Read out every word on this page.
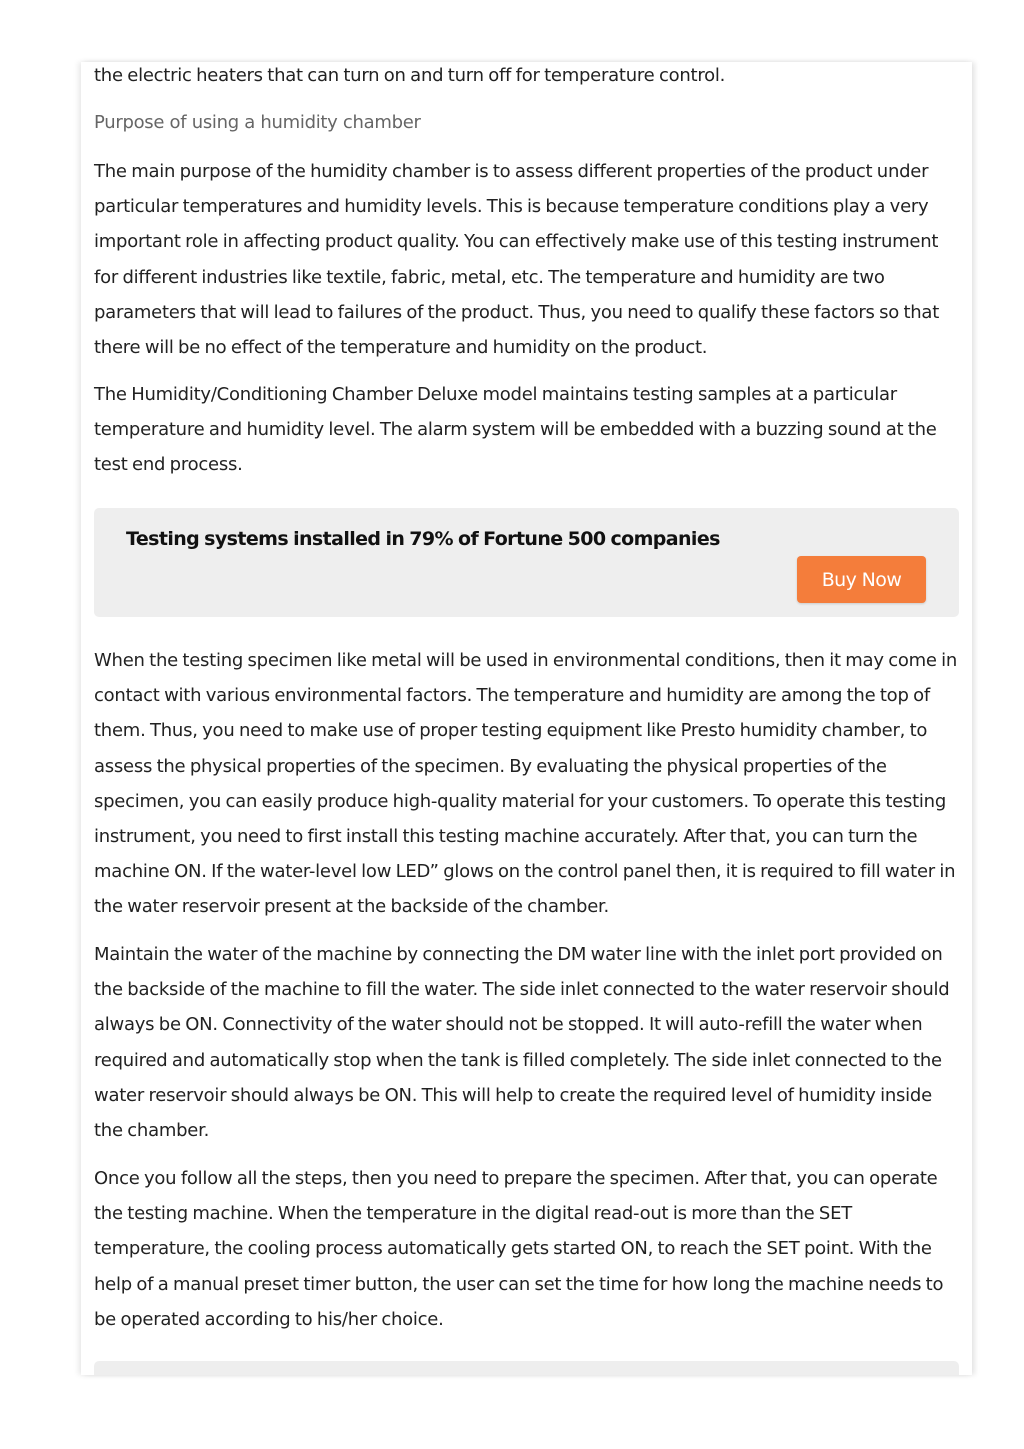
the electric heaters that can turn on and turn off for temperature control.

Purpose of using a humidity chamber

The main purpose of the humidity chamber is to assess different properties of the product under particular temperatures and humidity levels. This is because temperature conditions play a very important role in affecting product quality. You can effectively make use of this testing instrument for different industries like textile, fabric, metal, etc. The temperature and humidity are two parameters that will lead to failures of the product. Thus, you need to qualify these factors so that there will be no effect of the temperature and humidity on the product.

The Humidity/Conditioning Chamber Deluxe model maintains testing samples at a particular temperature and humidity level. The alarm system will be embedded with a buzzing sound at the test end process.

Testing systems installed in 79% of Fortune 500 companies
Buy Now

When the testing specimen like metal will be used in environmental conditions, then it may come in contact with various environmental factors. The temperature and humidity are among the top of them. Thus, you need to make use of proper testing equipment like Presto humidity chamber, to assess the physical properties of the specimen. By evaluating the physical properties of the specimen, you can easily produce high-quality material for your customers. To operate this testing instrument, you need to first install this testing machine accurately. After that, you can turn the machine ON. If the water-level low LED” glows on the control panel then, it is required to fill water in the water reservoir present at the backside of the chamber.

Maintain the water of the machine by connecting the DM water line with the inlet port provided on the backside of the machine to fill the water. The side inlet connected to the water reservoir should always be ON. Connectivity of the water should not be stopped. It will auto-refill the water when required and automatically stop when the tank is filled completely. The side inlet connected to the water reservoir should always be ON. This will help to create the required level of humidity inside the chamber.

Once you follow all the steps, then you need to prepare the specimen. After that, you can operate the testing machine. When the temperature in the digital read-out is more than the SET temperature, the cooling process automatically gets started ON, to reach the SET point. With the help of a manual preset timer button, the user can set the time for how long the machine needs to be operated according to his/her choice.
